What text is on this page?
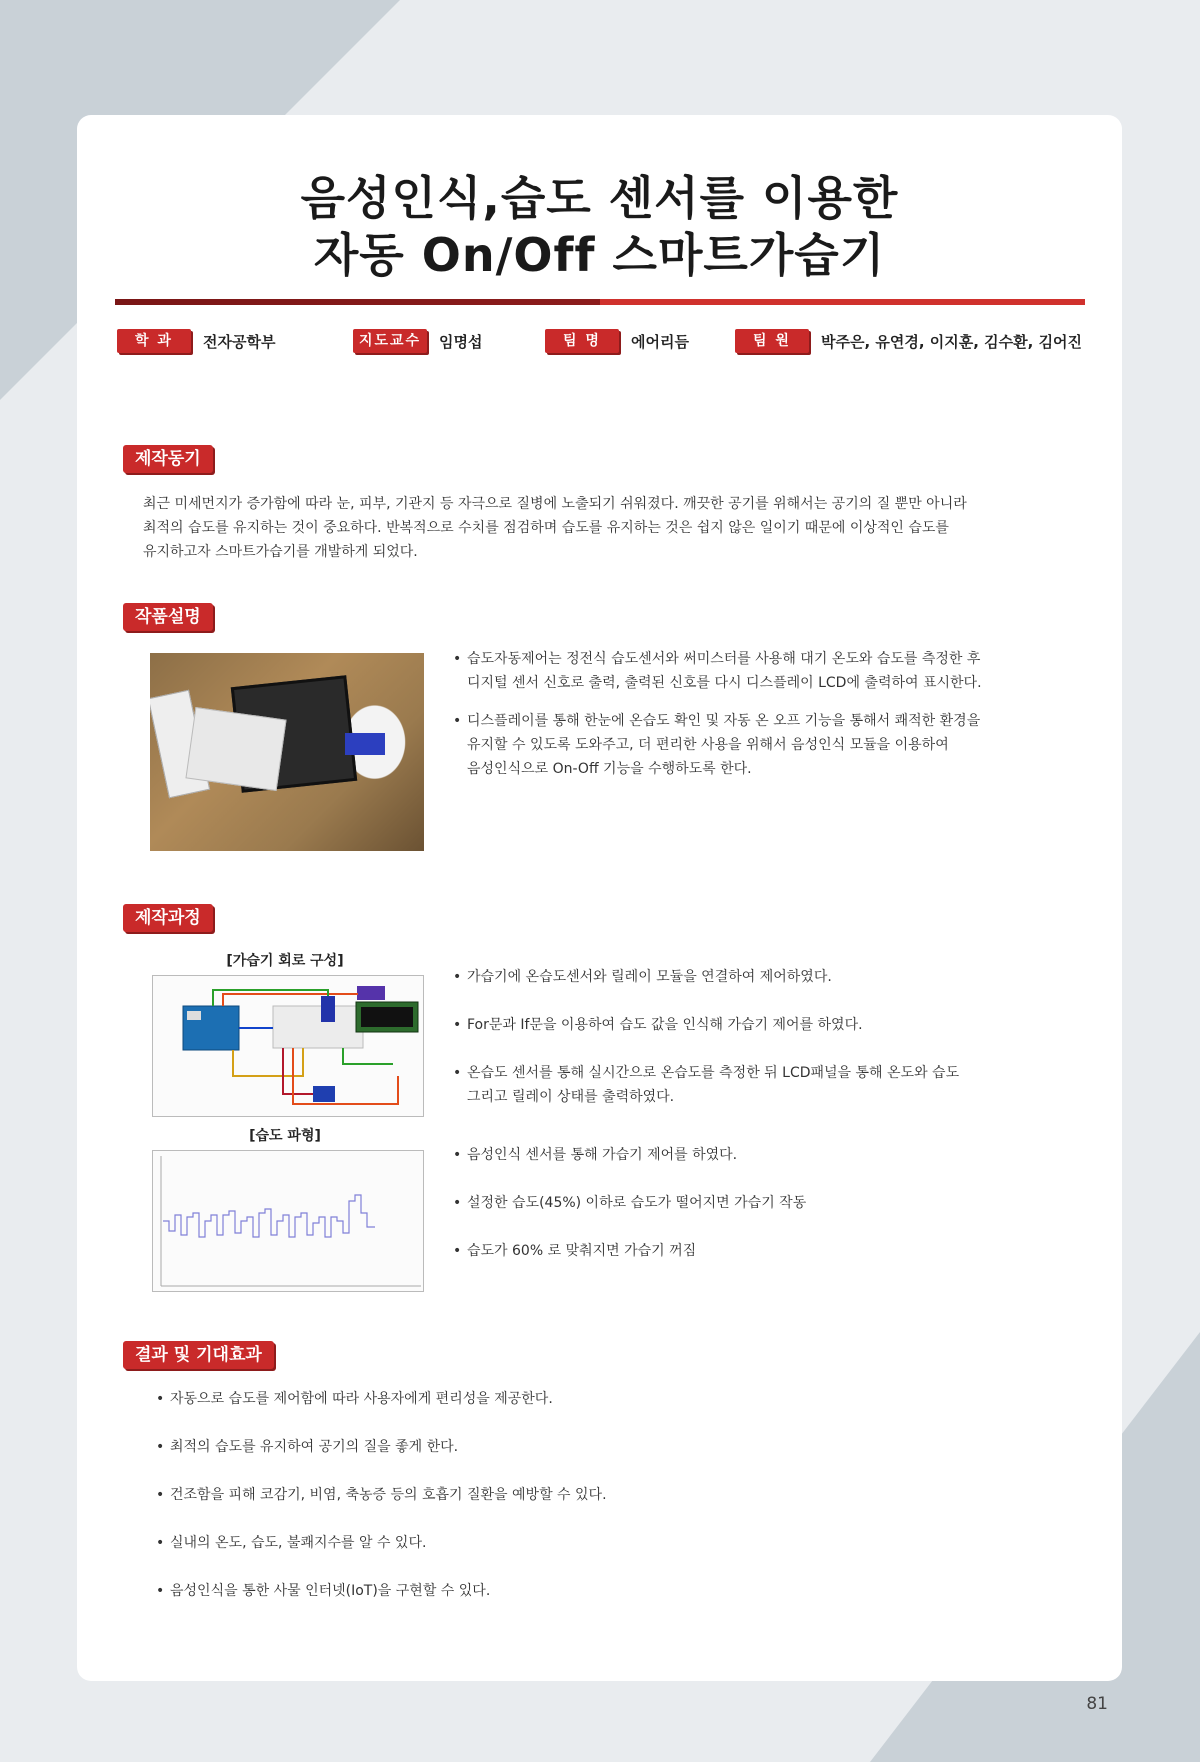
음성인식,습도 센서를 이용한
자동 On/Off 스마트가습기
학 과	전자공학부	지도교수	임명섭	팀 명	에어리듬	팀 원	박주은, 유연경, 이지훈, 김수환, 김어진
제작동기
최근 미세먼지가 증가함에 따라 눈, 피부, 기관지 등 자극으로 질병에 노출되기 쉬워졌다. 깨끗한 공기를 위해서는 공기의 질 뿐만 아니라
최적의 습도를 유지하는 것이 중요하다. 반복적으로 수치를 점검하며 습도를 유지하는 것은 쉽지 않은 일이기 때문에 이상적인 습도를
유지하고자 스마트가습기를 개발하게 되었다.
작품설명
• 습도자동제어는 정전식 습도센서와 써미스터를 사용해 대기 온도와 습도를 측정한 후
디지털 센서 신호로 출력, 출력된 신호를 다시 디스플레이 LCD에 출력하여 표시한다.
• 디스플레이를 통해 한눈에 온습도 확인 및 자동 온 오프 기능을 통해서 쾌적한 환경을
유지할 수 있도록 도와주고, 더 편리한 사용을 위해서 음성인식 모듈을 이용하여
음성인식으로 On-Off 기능을 수행하도록 한다.
제작과정
[가습기 회로 구성]
[습도 파형]
• 가습기에 온습도센서와 릴레이 모듈을 연결하여 제어하였다.
• For문과 If문을 이용하여 습도 값을 인식해 가습기 제어를 하였다.
• 온습도 센서를 통해 실시간으로 온습도를 측정한 뒤 LCD패널을 통해 온도와 습도
그리고 릴레이 상태를 출력하였다.
• 음성인식 센서를 통해 가습기 제어를 하였다.
• 설정한 습도(45%) 이하로 습도가 떨어지면 가습기 작동
• 습도가 60% 로 맞춰지면 가습기 꺼짐
결과 및 기대효과
• 자동으로 습도를 제어함에 따라 사용자에게 편리성을 제공한다.
• 최적의 습도를 유지하여 공기의 질을 좋게 한다.
• 건조함을 피해 코감기, 비염, 축농증 등의 호흡기 질환을 예방할 수 있다.
• 실내의 온도, 습도, 불쾌지수를 알 수 있다.
• 음성인식을 통한 사물 인터넷(IoT)을 구현할 수 있다.
81
